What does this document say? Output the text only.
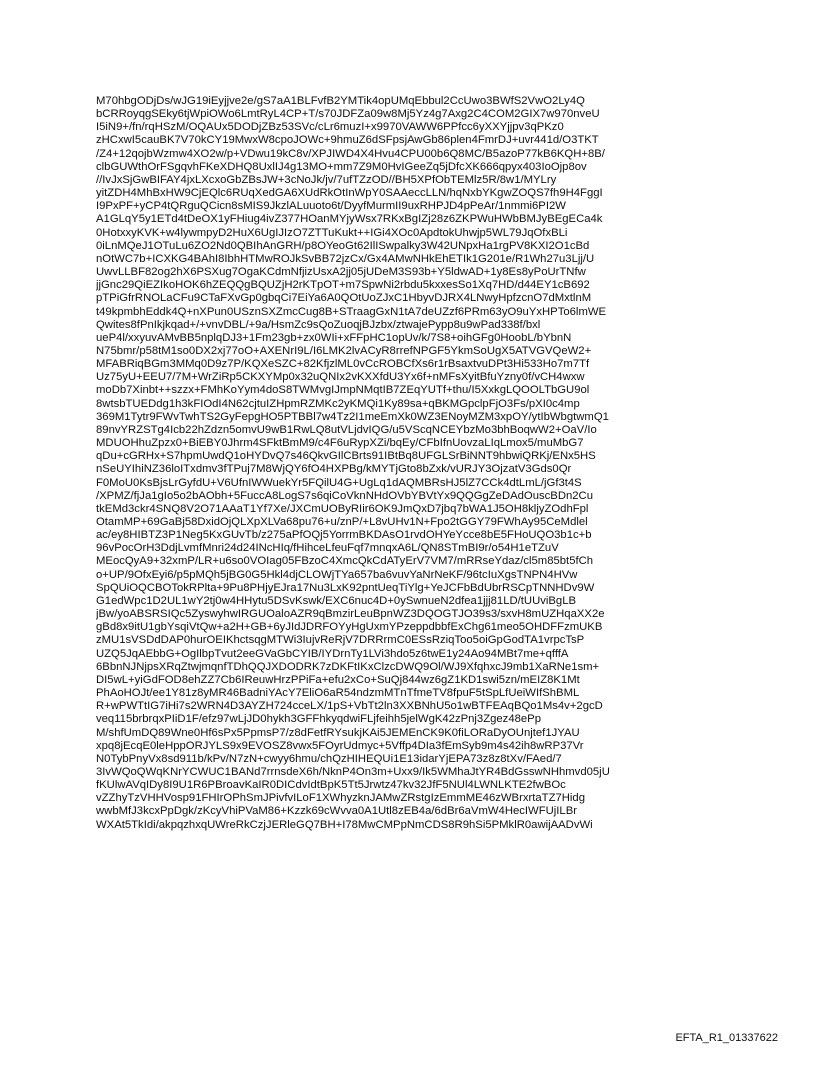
M70hbgODjDs/wJG19iEyjjve2e/gS7aA1BLFvfB2YMTik4opUMqEbbul2CcUwo3BWfS2VwO2Ly4Q
bCRRoyqgSEky6tjWpiOWo6LmtRyL4CP+T/s70JDFZa09w8Mj5Yz4g7Axg2C4COM2GIX7w970nveU
I5iN9+/fn/rqHSzM/OQAUx5DODjZBz53SVc/cLr6muzI+x9970VAWW6PPfcc6yXXYjjpv3qPKz0
zHCxwI5cauBK7V70kCY19MwxW8cpoJOWc+9hmuZ6dSFpsjAwGb86plen4FmrDJ+uvr441d/O3TKT
/Z4+12qojbWzmw4XO2w/p+VDwu19kC8v/XPJIWD4X4Hvu4CPU00b6Q8MC/B5azoP77kB6KQH+8B/
clbGUWthOrFSgqvhFKeXDHQ8UxlIJ4g13MO+mm7Z9M0HvIGeeZq5jDfcXK666qpyx403IoOjp8ov
//IvJxSjGwBIFAY4jxLXcxoGbZBsJW+3cNoJk/jv/7ufTZzOD//BH5XPfObTEMlz5R/8w1/MYLry
yitZDH4MhBxHW9CjEQlc6RUqXedGA6XUdRkOtInWpY0SAAeccLLN/hqNxbYKgwZOQS7fh9H4FggI
I9PxPF+yCP4tQRguQCicn8sMIS9JkzlALuuoto6t/DyyfMurmII9uxRHPJD4pPeAr/1nmmi6PI2W
A1GLqY5y1ETd4tDeOX1yFHiug4ivZ377HOanMYjyWsx7RKxBgIZj28z6ZKPWuHWbBMJyBEgECa4k
0HotxxyKVK+w4lywmpyD2HuX6UgIJIzO7ZTTuKukt++IGi4XOc0ApdtokUhwjp5WL79JqOfxBLi
0iLnMQeJ1OTuLu6ZO2Nd0QBIhAnGRH/p8OYeoGt62IlISwpalky3W42UNpxHa1rgPV8KXI2O1cBd
nOtWC7b+ICXKG4BAhI8IbhHTMwROJkSvBB72jzCx/Gx4AMwNHkEhETIk1G201e/R1Wh27u3Ljj/U
UwvLLBF82og2hX6PSXug7OgaKCdmNfjizUsxA2jj05jUDeM3S93b+Y5ldwAD+1y8Es8yPoUrTNfw
jjGnc29QiEZIkoHOK6hZEQQgBQUZjH2rKTpOT+m7SpwNi2rbdu5kxxesSo1Xq7HD/d44EY1cB692
pTPiGfrRNOLaCFu9CTaFXvGp0gbqCi7EiYa6A0QOtUoZJxC1HbyvDJRX4LNwyHpfzcnO7dMxtlnM
t49kpmbhEddk4Q+nXPun0USznSXZmcCug8B+STraagGxN1tA7deUZzf6PRm63yO9uYxHPTo6lmWE
Qwites8fPnIkjkqad+/+vnvDBL/+9a/HsmZc9sQoZuoqjBJzbx/ztwajePypp8u9wPad338f/bxl
ueP4l/xxyuvAMvBB5nplqDJ3+1Fm23gb+zx0WIi+xFFpHC1opUv/k/7S8+oihGFg0HoobL/bYbnN
N75bmr/p58tM1so0DX2xj77oO+AXENrI9L/I6LMK2lvACyR8rrefNPGF5YkmSoUgX5ATVGVQeW2+
MFABRiqBGm3MMq0D9z7P/KQXeSZC+82KfjzlML0vCcROBCfXs6r1rBsaxtvuDPt3Hi533Ho7m7Tf
Uz75yU+EEU7/7M+WrZiRp5CKXYMp0x32uQNIx2vKXXfdU3Yx6f+nMFsXyitBfuYzny0f/vCH4wxw
moDb7Xinbt++szzx+FMhKoYym4doS8TWMvgIJmpNMqtIB7ZEqYUTf+thu/I5XxkgLQOOLTbGU9ol
8wtsbTUEDdg1h3kFIOdI4N62cjtuIZHpmRZMKc2yKMQi1Ky89sa+qBKMGpclpFjO3Fs/pXI0c4mp
369M1Tytr9FWvTwhTS2GyFepgHO5PTBBl7w4Tz2I1meEmXk0WZ3ENoyMZM3xpOY/ytIbWbgtwmQ1
89nvYRZSTg4Icb22hZdzn5omvU9wB1RwLQ8utVLjdvIQG/u5VScqNCEYbzMo3bhBoqwW2+OaV/Io
MDUOHhuZpzx0+BiEBY0Jhrm4SFktBmM9/c4F6uRypXZi/bqEy/CFbIfnUovzaLIqLmox5/muMbG7
qDu+cGRHx+S7hpmUwdQ1oHYDvQ7s46QkvGIlCBrts91IBtBq8UFGLSrBiNNT9hbwiQRKj/ENx5HS
nSeUYIhiNZ36loITxdmv3fTPuj7M8WjQY6fO4HXPBg/kMYTjGto8bZxk/vURJY3OjzatV3Gds0Qr
F0MoU0KsBjsLrGyfdU+V6UfnIWWuekYr5FQilU4G+UgLq1dAQMBRsHJ5lZ7CCk4dtLmL/jGf3t4S
/XPMZ/fjJa1gIo5o2bAObh+5FuccA8LogS7s6qiCoVknNHdOVbYBVtYx9QQGgZeDAdOuscBDn2Cu
tkEMd3ckr4SNQ8V2O71AAaT1Yf7Xe/JXCmUOByRIir6OK9JmQxD7jbq7bWA1J5OH8kljyZOdhFpl
OtamMP+69GaBj58DxidOjQLXpXLVa68pu76+u/znP/+L8vUHv1N+Fpo2tGGY79FWhAy95CeMdlel
ac/ey8HIBTZ3P1Neg5KxGUvTb/z275aPfOQj5YorrmBKDAsO1rvdOHYeYcce8bE5FHoUQO3b1c+b
96vPocOrH3DdjLvmfMnri24d24INcHIq/fHihceLfeuFqf7mnqxA6L/QN8STmBI9r/o54H1eTZuV
MEocQyA9+32xmP/LR+u6so0VOIag05FBzoC4XmcQkCdATyErV7VM7/mRRseYdaz/cl5m85bt5fCh
o+UP/9OfxEyi6/p5pMQh5jBG0G5Hkl4djCLOWjTYa657ba6vuvYaNrNeKF/96tcIuXgsTNPN4HVw
SpQUiOQCBOTokRPlta+9Pu8PHjyEJra17Nu3LxK92pntUeqTiYlg+YeJCFbBdUbrRSCpTNNHDv9W
G1edWpc1D2UL1wY2tj0w4HHytu5DSvKswk/EXC6nuc4D+0ySwnueN2dfea1jjj81LD/tUUviBgLB
jBw/yoABSRSIQc5ZyswyhwIRGUOaloAZR9qBmzirLeuBpnWZ3DQOGTJO39s3/sxvH8mUZHqaXX2e
gBd8x9itU1gbYsqiVtQw+a2H+GB+6yJIdJDRFOYyHgUxmYPzeppdbbfExChg61meo5OHDFFzmUKB
zMU1sVSDdDAP0hurOEIKhctsqgMTWi3IujvReRjV7DRRrmC0ESsRziqToo5oiGpGodTA1vrpcTsP
UZQ5JqAEbbG+OgIlbpTvut2eeGVaGbCYIB/IYDrnTy1LVi3hdo5z6twE1y24Ao94MBt7me+qfffA
6BbnNJNjpsXRqZtwjmqnfTDhQQJXDODRK7zDKFtIKxClzcDWQ9Ol/WJ9XfqhxcJ9mb1XaRNe1sm+
DI5wL+yiGdFOD8ehZZ7Cb6IReuwHrzPPiFa+efu2xCo+SuQj844wz6gZ1KD1swi5zn/mEIZ8K1Mt
PhAoHOJt/ee1Y81z8yMR46BadniYAcY7EliO6aR54ndzmMTnTfmeTV8fpuF5tSpLfUeiWIfShBML
R+wPWTtIG7iHi7s2WRN4D3AYZH724cceLX/1pS+VbTt2ln3XXBNhU5o1wBTFEAqBQo1Ms4v+2gcD
veq115brbrqxPIiD1F/efz97wLjJD0hykh3GFFhkyqdwiFLjfeihh5jelWgK42zPnj3Zgez48ePp
M/shfUmDQ89Wne0Hf6sPx5PpmsP7/z8dFetfRYsukjKAi5JEMEnCK9K0fiLORaDyOUnjtef1JYAU
xpq8jEcqE0leHppORJYLS9x9EVOSZ8vwx5FOyrUdmyc+5Vffp4DIa3fEmSyb9m4s42ih8wRP37Vr
N0TybPnyVx8sd911b/kPv/N7zN+cwyy6hmu/chQzHIHEQUi1E13idarYjEPA73z8z8tXv/FAed/7
3IvWQoQWqKNrYCWUC1BANd7rrnsdeX6h/NknP4On3m+Uxx9/Ik5WMhaJtYR4BdGsswNHhmvd05jU
fKUlwAVqIDy8I9U1R6PBroavKaIR0DICdvIdtBpK5Tt5Jrwtz47kv32JfF5NUl4LWNLKTE2fwBOc
vZZhyTzVHHVosp91FHIrOPhSmJPivfvILoF1XWhyzknJAMwZRstgIzEmmME46zWBrxrtaTZ7Hidg
wwbMfJ3kcxPpDgk/zKcyVhiPVaM86+Kzzk69cWvva0A1Utl8zEB4a/6dBr6aVmW4HecIWFUjILBr
WXAt5TkIdi/akpqzhxqUWreRkCzjJERleGQ7BH+I78MwCMPpNmCDS8R9hSi5PMklR0awijAADvWi
EFTA_R1_01337622
